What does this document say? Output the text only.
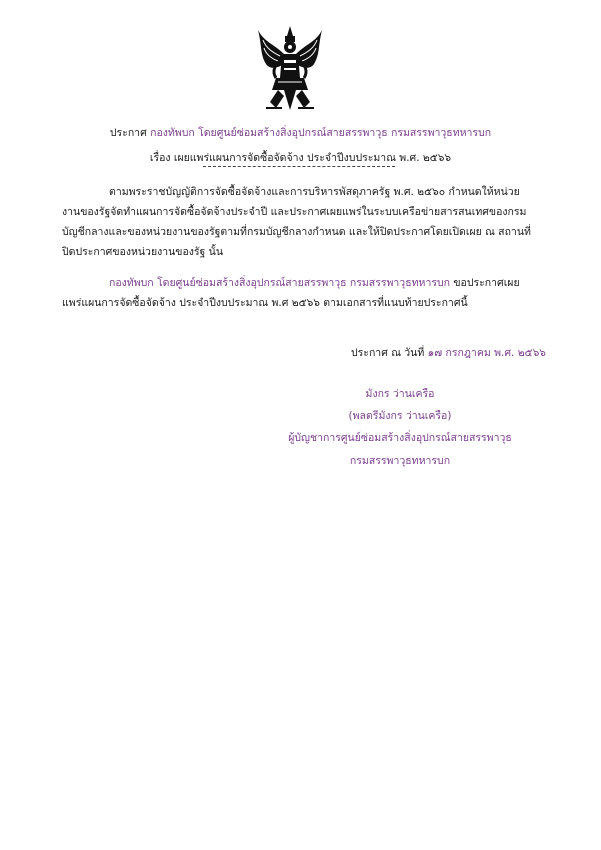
ประกาศ กองทัพบก โดยศูนย์ซ่อมสร้างสิ่งอุปกรณ์สายสรรพาวุธ กรมสรรพาวุธทหารบก
เรื่อง เผยแพร่แผนการจัดซื้อจัดจ้าง ประจำปีงบประมาณ พ.ศ. ๒๕๖๖
ตามพระราชบัญญัติการจัดซื้อจัดจ้างและการบริหารพัสดุภาครัฐ พ.ศ. ๒๕๖๐ กำหนดให้หน่วยงานของรัฐจัดทำแผนการจัดซื้อจัดจ้างประจำปี และประกาศเผยแพร่ในระบบเครือข่ายสารสนเทศของกรมบัญชีกลางและของหน่วยงานของรัฐตามที่กรมบัญชีกลางกำหนด และให้ปิดประกาศโดยเปิดเผย ณ สถานที่ปิดประกาศของหน่วยงานของรัฐ นั้น
กองทัพบก โดยศูนย์ซ่อมสร้างสิ่งอุปกรณ์สายสรรพาวุธ กรมสรรพาวุธทหารบก ขอประกาศเผยแพร่แผนการจัดซื้อจัดจ้าง ประจำปีงบประมาณ พ.ศ ๒๕๖๖ ตามเอกสารที่แนบท้ายประกาศนี้
ประกาศ ณ วันที่ ๑๗ กรกฎาคม พ.ศ. ๒๕๖๖
มังกร ว่านเครือ
(พลตรีมังกร ว่านเครือ)
ผู้บัญชาการศูนย์ซ่อมสร้างสิ่งอุปกรณ์สายสรรพาวุธ
กรมสรรพาวุธทหารบก
